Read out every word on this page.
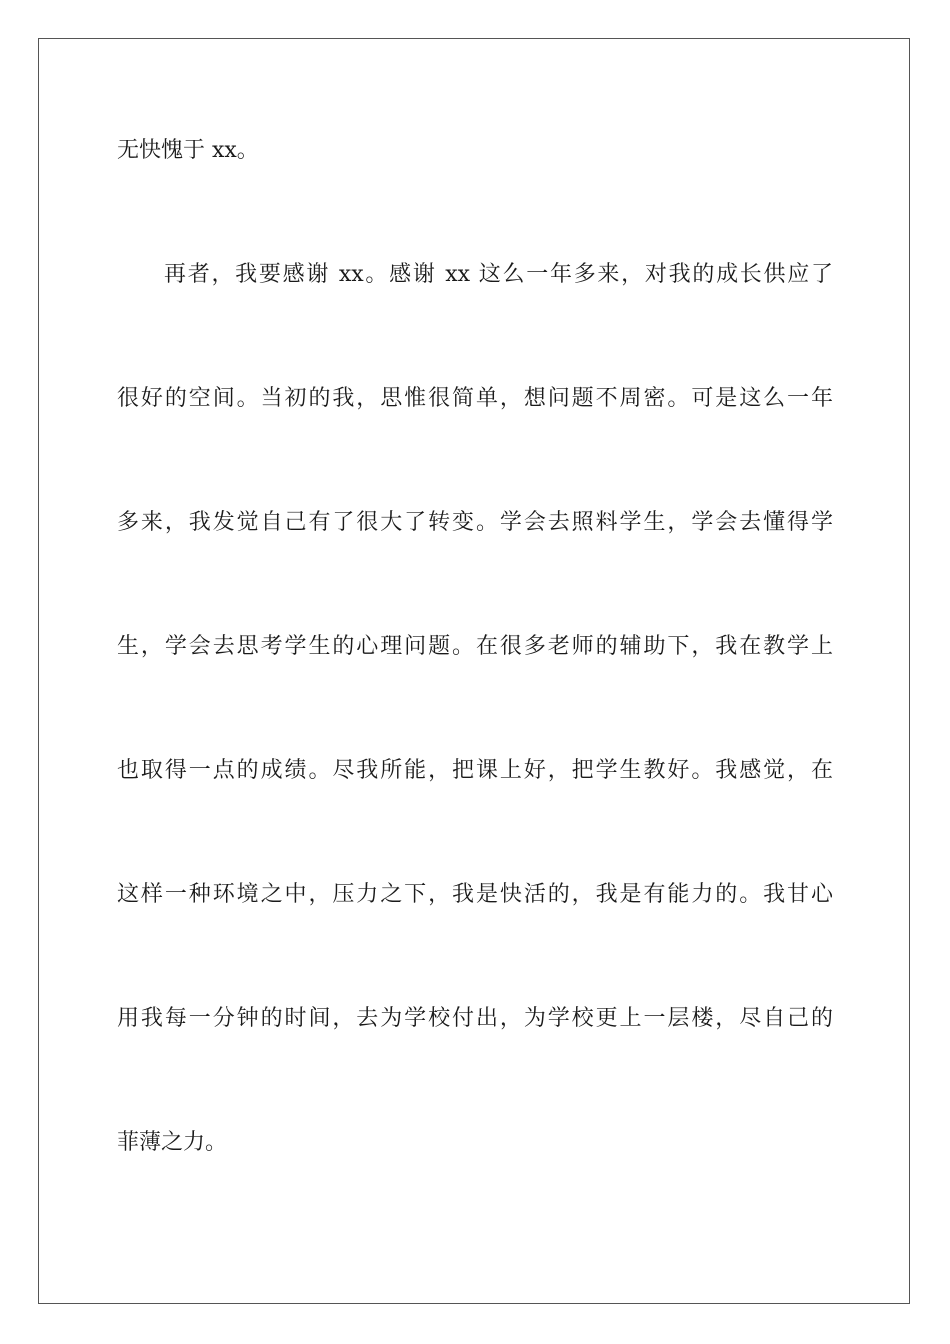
无快愧于 xx。
再者，我要感谢 xx。感谢 xx 这么一年多来，对我的成长供应了
很好的空间。当初的我，思惟很简单，想问题不周密。可是这么一年
多来，我发觉自己有了很大了转变。学会去照料学生，学会去懂得学
生，学会去思考学生的心理问题。在很多老师的辅助下，我在教学上
也取得一点的成绩。尽我所能，把课上好，把学生教好。我感觉，在
这样一种环境之中，压力之下，我是快活的，我是有能力的。我甘心
用我每一分钟的时间，去为学校付出，为学校更上一层楼，尽自己的
菲薄之力。
